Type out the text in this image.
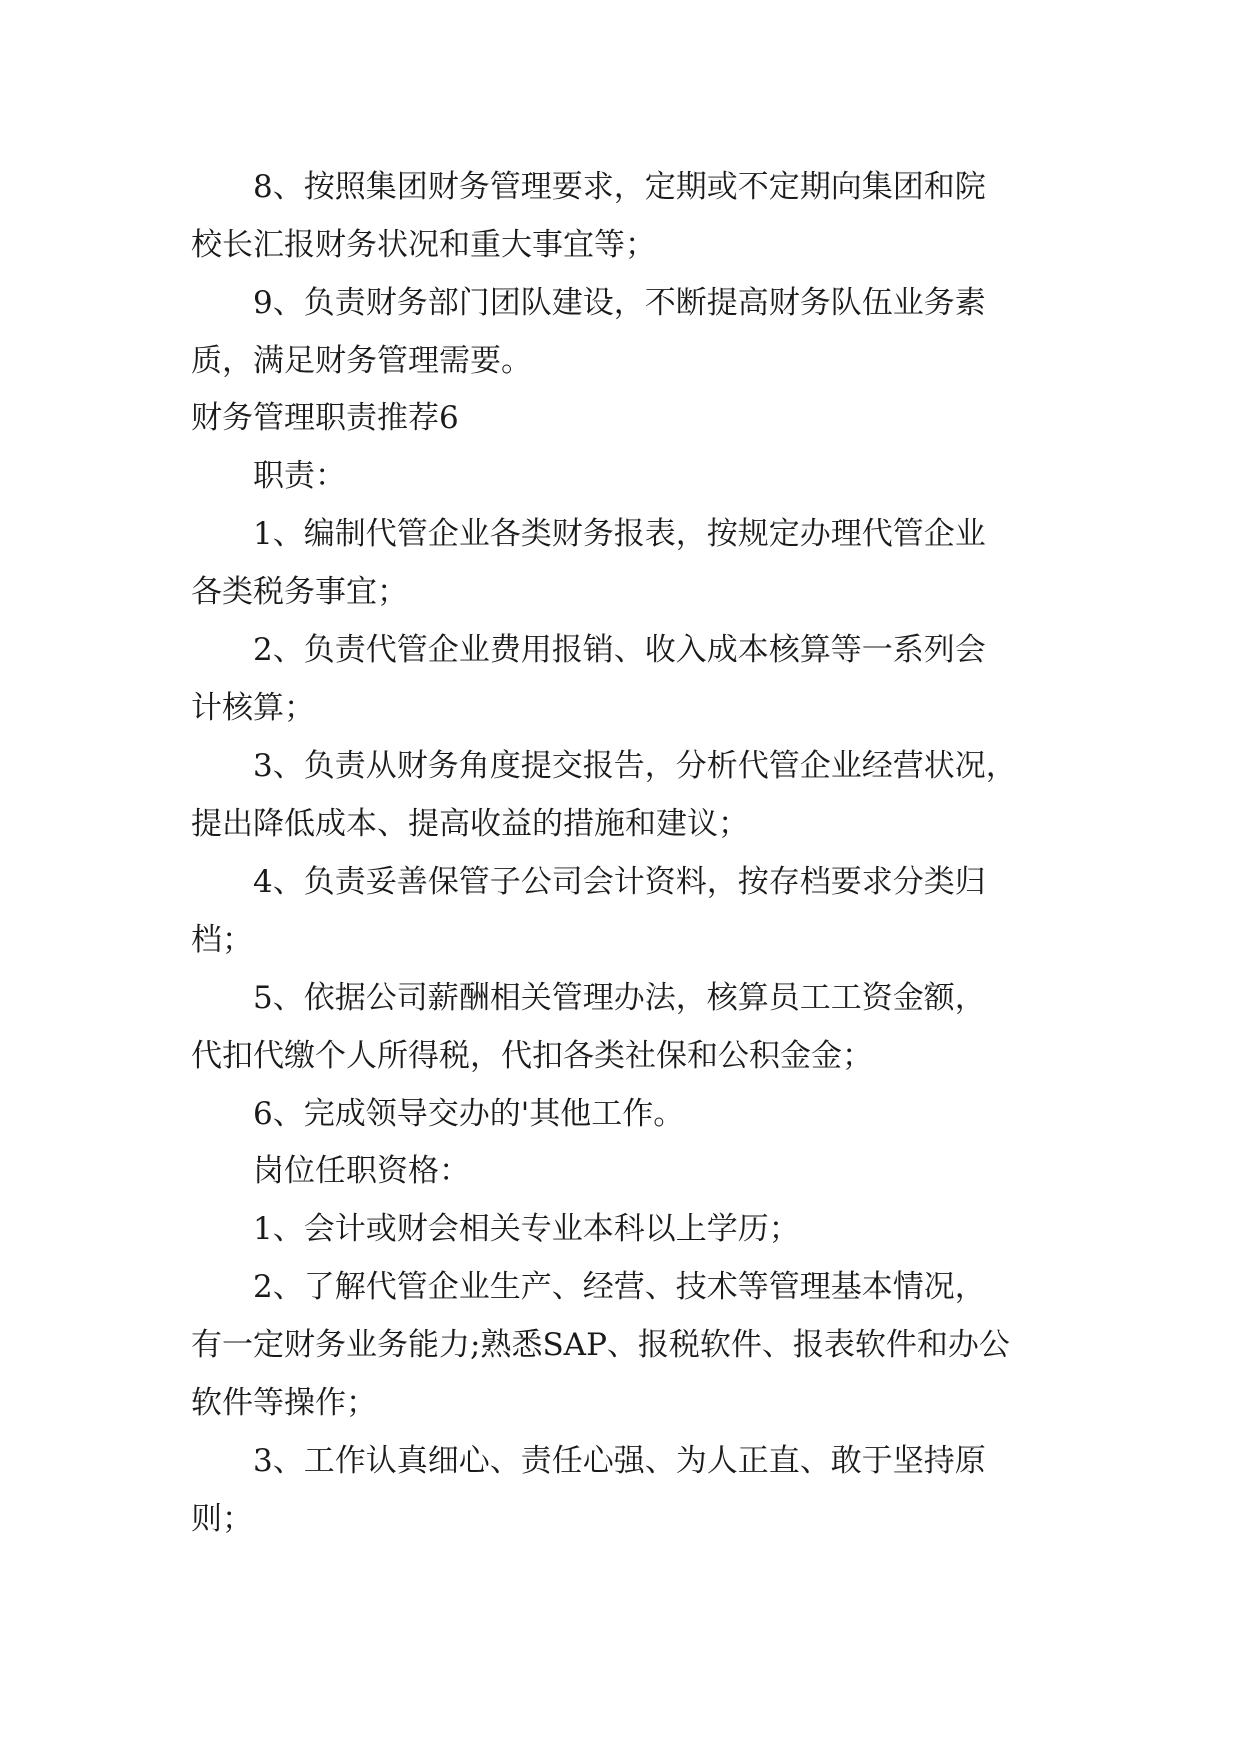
8、按照集团财务管理要求，定期或不定期向集团和院
校长汇报财务状况和重大事宜等；
9、负责财务部门团队建设，不断提高财务队伍业务素
质，满足财务管理需要。
财务管理职责推荐6
职责：
1、编制代管企业各类财务报表，按规定办理代管企业
各类税务事宜；
2、负责代管企业费用报销、收入成本核算等一系列会
计核算；
3、负责从财务角度提交报告，分析代管企业经营状况，
提出降低成本、提高收益的措施和建议；
4、负责妥善保管子公司会计资料，按存档要求分类归
档；
5、依据公司薪酬相关管理办法，核算员工工资金额，
代扣代缴个人所得税，代扣各类社保和公积金金；
6、完成领导交办的'其他工作。
岗位任职资格：
1、会计或财会相关专业本科以上学历；
2、了解代管企业生产、经营、技术等管理基本情况，
有一定财务业务能力;熟悉SAP、报税软件、报表软件和办公
软件等操作；
3、工作认真细心、责任心强、为人正直、敢于坚持原
则；
